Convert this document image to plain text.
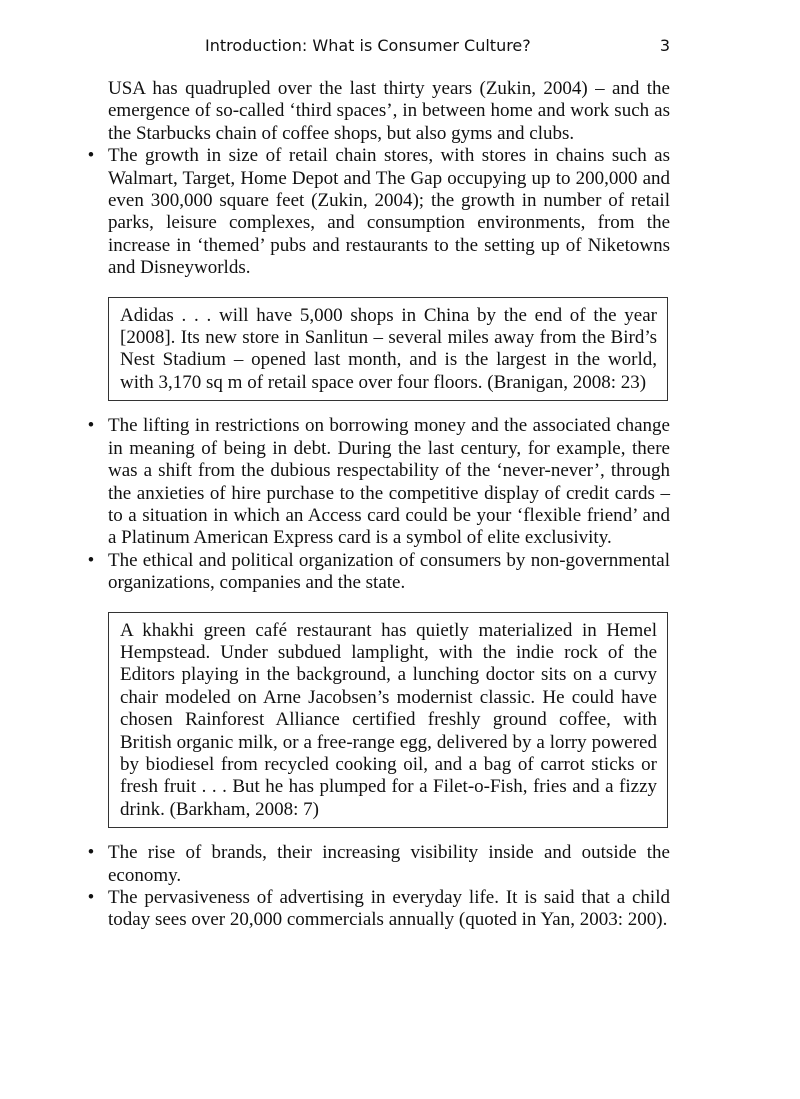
Introduction: What is Consumer Culture?	3

USA has quadrupled over the last thirty years (Zukin, 2004) – and the emergence of so-called ‘third spaces’, in between home and work such as the Starbucks chain of coffee shops, but also gyms and clubs.

• The growth in size of retail chain stores, with stores in chains such as Walmart, Target, Home Depot and The Gap occupying up to 200,000 and even 300,000 square feet (Zukin, 2004); the growth in number of retail parks, leisure complexes, and consumption environments, from the increase in ‘themed’ pubs and restaurants to the setting up of Niketowns and Disneyworlds.
Adidas . . . will have 5,000 shops in China by the end of the year [2008]. Its new store in Sanlitun – several miles away from the Bird’s Nest Stadium – opened last month, and is the largest in the world, with 3,170 sq m of retail space over four floors. (Branigan, 2008: 23)
• The lifting in restrictions on borrowing money and the associated change in meaning of being in debt. During the last century, for example, there was a shift from the dubious respectability of the ‘never-never’, through the anxieties of hire purchase to the competitive display of credit cards – to a situation in which an Access card could be your ‘flexible friend’ and a Platinum American Express card is a symbol of elite exclusivity.
• The ethical and political organization of consumers by non-governmental organizations, companies and the state.
A khakhi green café restaurant has quietly materialized in Hemel Hempstead. Under subdued lamplight, with the indie rock of the Editors playing in the background, a lunching doctor sits on a curvy chair modeled on Arne Jacobsen’s modernist classic. He could have chosen Rainforest Alliance certified freshly ground coffee, with British organic milk, or a free-range egg, delivered by a lorry powered by biodiesel from recycled cooking oil, and a bag of carrot sticks or fresh fruit . . . But he has plumped for a Filet-o-Fish, fries and a fizzy drink. (Barkham, 2008: 7)
• The rise of brands, their increasing visibility inside and outside the economy.
• The pervasiveness of advertising in everyday life. It is said that a child today sees over 20,000 commercials annually (quoted in Yan, 2003: 200).
